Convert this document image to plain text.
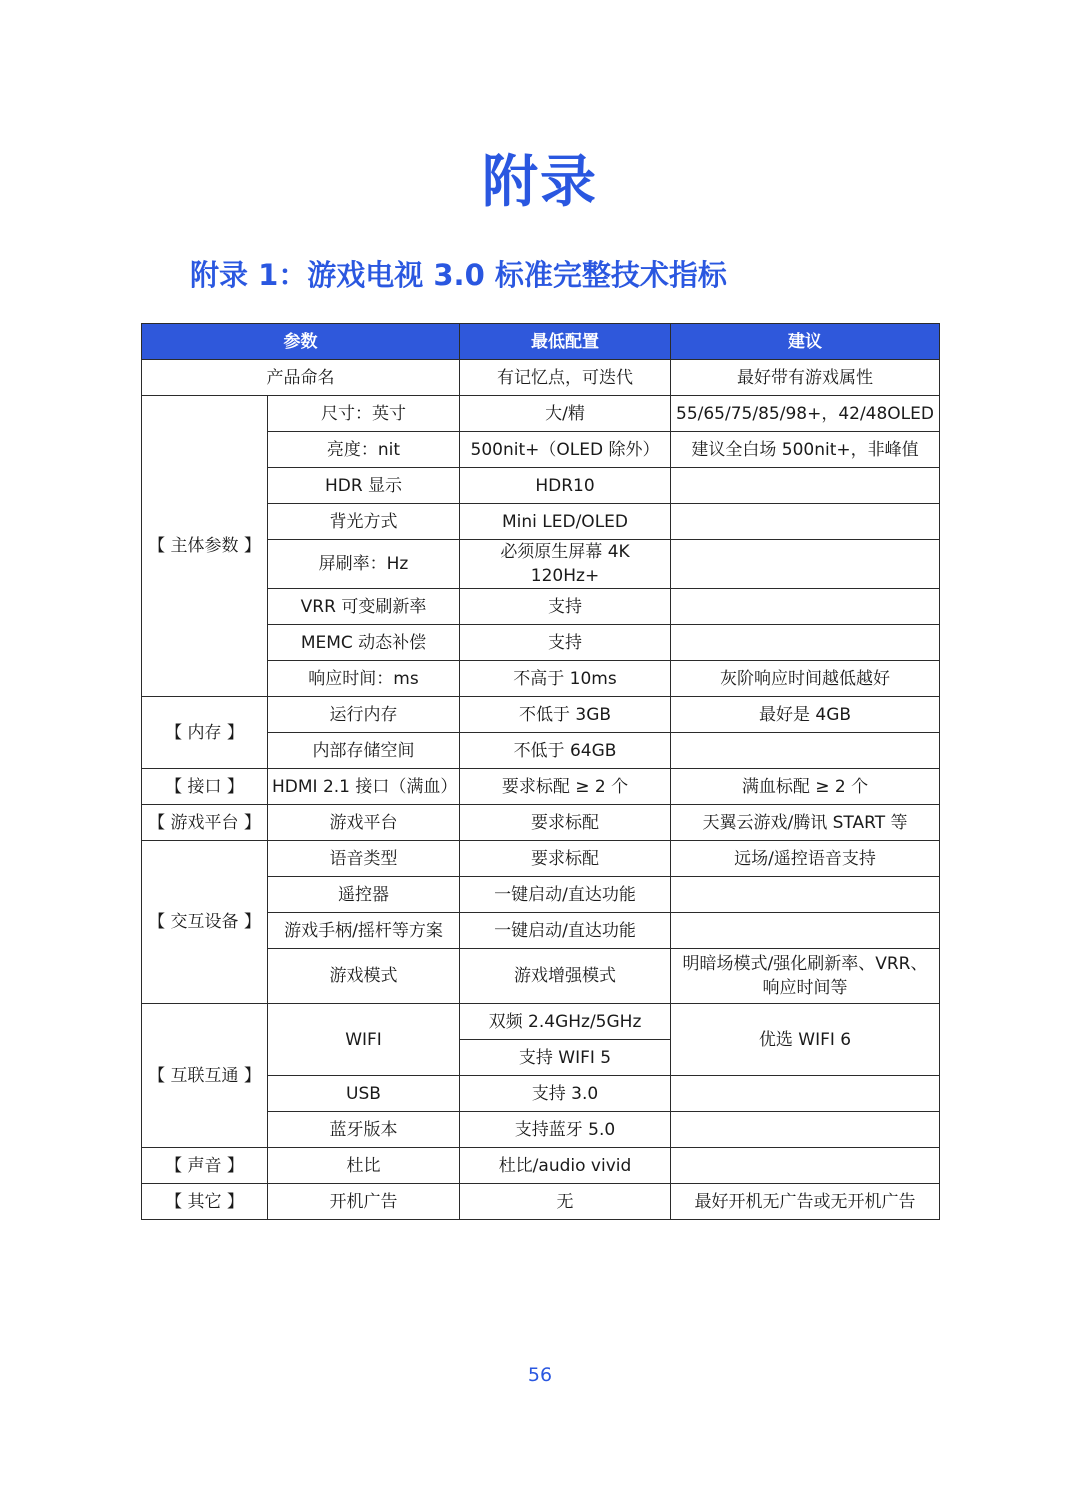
附录
附录 1：游戏电视 3.0 标准完整技术指标
参数		最低配置	建议
产品命名		有记忆点，可迭代	最好带有游戏属性
【 主体参数 】	尺寸：英寸	大/精	55/65/75/85/98+，42/48OLED
	亮度：nit	500nit+（OLED 除外）	建议全白场 500nit+，非峰值
	HDR 显示	HDR10	
	背光方式	Mini LED/OLED	
	屏刷率：Hz	必须原生屏幕 4K 120Hz+	
	VRR 可变刷新率	支持	
	MEMC 动态补偿	支持	
	响应时间：ms	不高于 10ms	灰阶响应时间越低越好
【 内存 】	运行内存	不低于 3GB	最好是 4GB
	内部存储空间	不低于 64GB	
【 接口 】	HDMI 2.1 接口（满血）	要求标配 ≥ 2 个	满血标配 ≥ 2 个
【 游戏平台 】	游戏平台	要求标配	天翼云游戏/腾讯 START 等
【 交互设备 】	语音类型	要求标配	远场/遥控语音支持
	遥控器	一键启动/直达功能	
	游戏手柄/摇杆等方案	一键启动/直达功能	
	游戏模式	游戏增强模式	明暗场模式/强化刷新率、VRR、
响应时间等

【 互联互通 】	WIFI	双频 2.4GHz/5GHz	优选 WIFI 6
		支持 WIFI 5	
	USB	支持 3.0	
	蓝牙版本	支持蓝牙 5.0	
【 声音 】	杜比	杜比/audio vivid	
【 其它 】	开机广告	无	最好开机无广告或无开机广告
56
